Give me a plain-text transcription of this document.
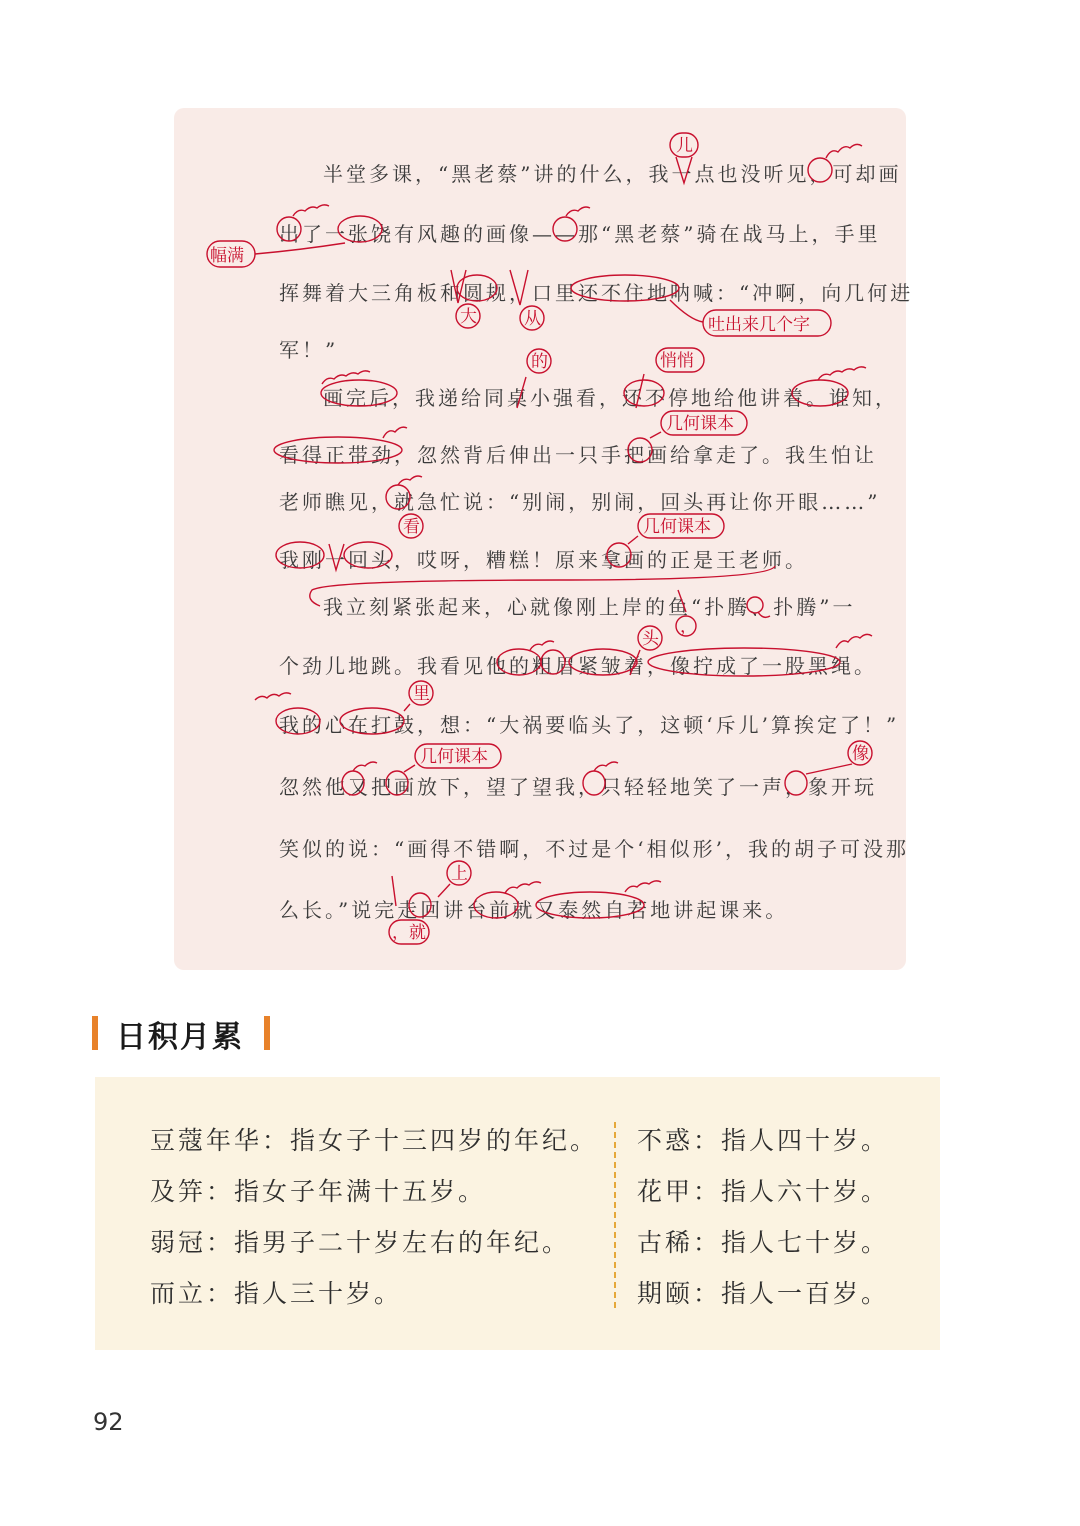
半堂多课，“黑老蔡”讲的什么，我一点也没听见，可却画
出了一张饶有风趣的画像——那“黑老蔡”骑在战马上，手里
挥舞着大三角板和圆规，口里还不住地呐喊：“冲啊，向几何进
军！”
画完后，我递给同桌小强看，还不停地给他讲着。谁知，
看得正带劲，忽然背后伸出一只手把画给拿走了。我生怕让
老师瞧见，就急忙说：“别闹，别闹，回头再让你开眼……”
我刚一回头，哎呀，糟糕！原来拿画的正是王老师。
我立刻紧张起来，心就像刚上岸的鱼“扑腾、扑腾”一
个劲儿地跳。我看见他的粗眉紧皱着，像拧成了一股黑绳。
我的心在打鼓，想：“大祸要临头了，这顿‘斥儿’算挨定了！”
忽然他又把画放下，望了望我，只轻轻地笑了一声，象开玩
笑似的说：“画得不错啊，不过是个‘相似形’，我的胡子可没那
么长。”说完走回讲台前就又泰然自若地讲起课来。
儿
幅满
大	从	吐出来几个字
的	悄悄
几何课本
看	几何课本
，
头
里
几何课本	像
上
，就
日积月累
豆蔻年华：指女子十三四岁的年纪。
及笄：指女子年满十五岁。
弱冠：指男子二十岁左右的年纪。
而立：指人三十岁。
不惑：指人四十岁。
花甲：指人六十岁。
古稀：指人七十岁。
期颐：指人一百岁。
92
